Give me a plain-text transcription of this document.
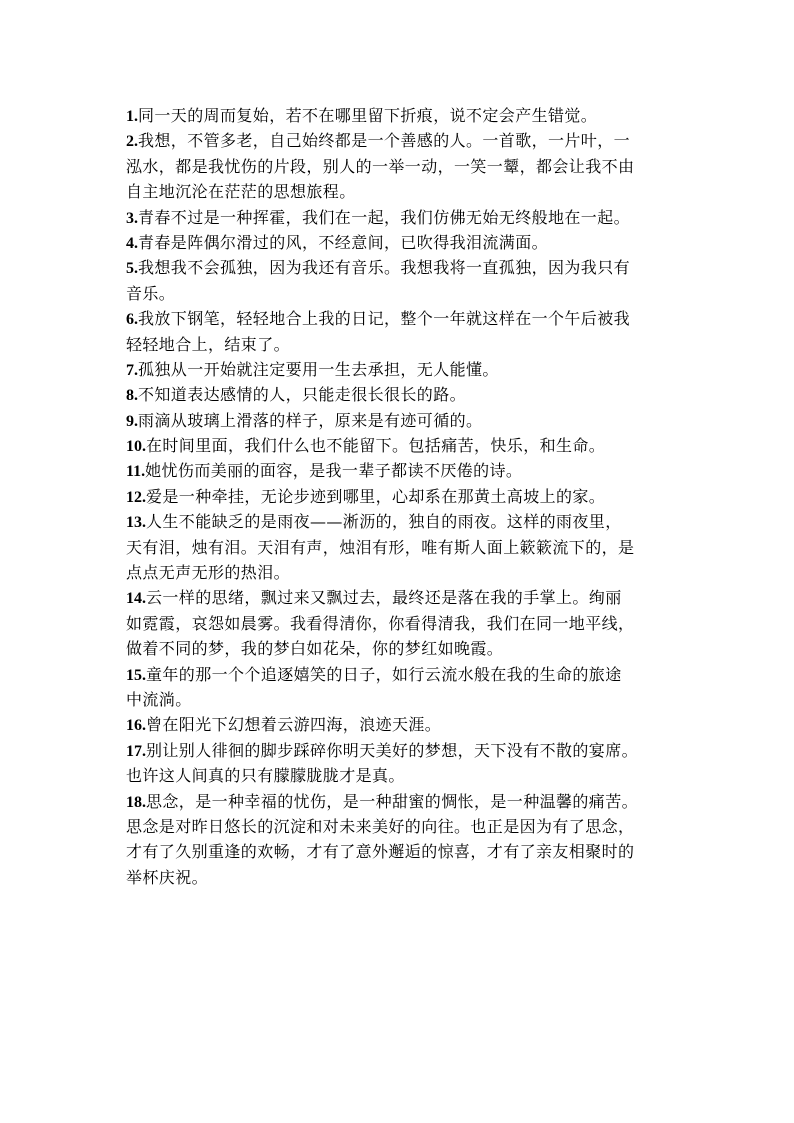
1.同一天的周而复始，若不在哪里留下折痕，说不定会产生错觉。
2.我想，不管多老，自己始终都是一个善感的人。一首歌，一片叶，一
泓水，都是我忧伤的片段，别人的一举一动，一笑一颦，都会让我不由
自主地沉沦在茫茫的思想旅程。
3.青春不过是一种挥霍，我们在一起，我们仿佛无始无终般地在一起。
4.青春是阵偶尔滑过的风，不经意间，已吹得我泪流满面。
5.我想我不会孤独，因为我还有音乐。我想我将一直孤独，因为我只有
音乐。
6.我放下钢笔，轻轻地合上我的日记，整个一年就这样在一个午后被我
轻轻地合上，结束了。
7.孤独从一开始就注定要用一生去承担，无人能懂。
8.不知道表达感情的人，只能走很长很长的路。
9.雨滴从玻璃上滑落的样子，原来是有迹可循的。
10.在时间里面，我们什么也不能留下。包括痛苦，快乐，和生命。
11.她忧伤而美丽的面容，是我一辈子都读不厌倦的诗。
12.爱是一种牵挂，无论步迹到哪里，心却系在那黄土高坡上的家。
13.人生不能缺乏的是雨夜——淅沥的，独自的雨夜。这样的雨夜里，
天有泪，烛有泪。天泪有声，烛泪有形，唯有斯人面上簌簌流下的，是
点点无声无形的热泪。
14.云一样的思绪，飘过来又飘过去，最终还是落在我的手掌上。绚丽
如霓霞，哀怨如晨雾。我看得清你，你看得清我，我们在同一地平线，
做着不同的梦，我的梦白如花朵，你的梦红如晚霞。
15.童年的那一个个追逐嬉笑的日子，如行云流水般在我的生命的旅途
中流淌。
16.曾在阳光下幻想着云游四海，浪迹天涯。
17.别让别人徘徊的脚步踩碎你明天美好的梦想，天下没有不散的宴席。
也许这人间真的只有朦朦胧胧才是真。
18.思念，是一种幸福的忧伤，是一种甜蜜的惆怅，是一种温馨的痛苦。
思念是对昨日悠长的沉淀和对未来美好的向往。也正是因为有了思念，
才有了久别重逢的欢畅，才有了意外邂逅的惊喜，才有了亲友相聚时的
举杯庆祝。
